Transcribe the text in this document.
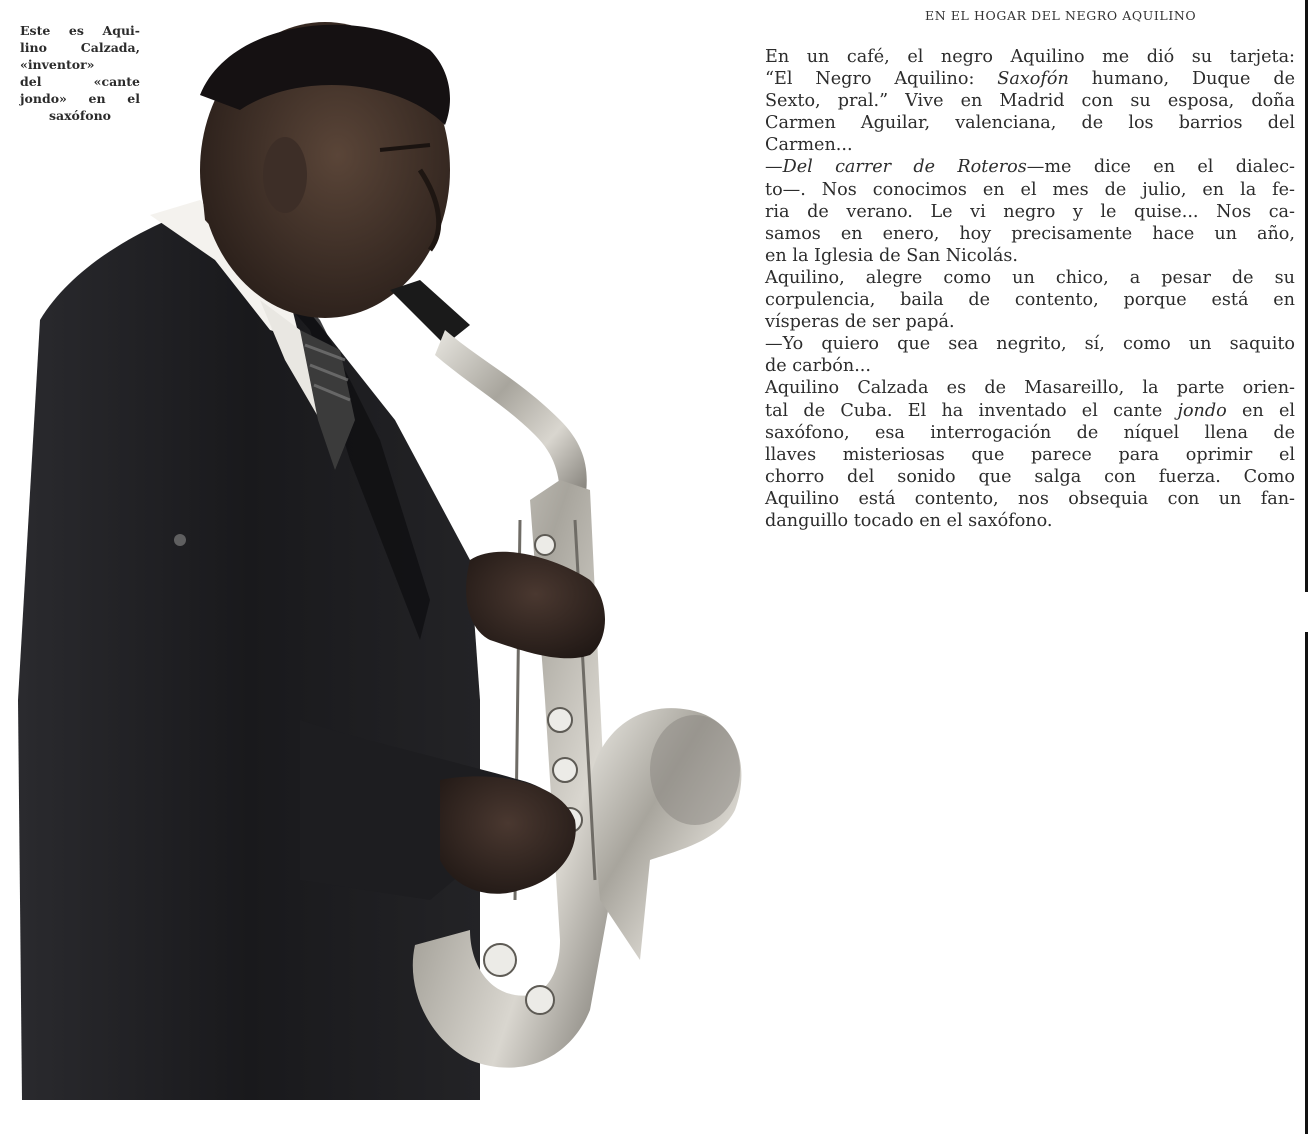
Este es Aqui-
lino Calzada,
«inventor»
del «cante
jondo» en el
saxófono
EN EL HOGAR DEL NEGRO AQUILINO

En un café, el negro Aquilino me dió su tarjeta:
“El Negro Aquilino: Saxofón humano, Duque de
Sexto, pral.” Vive en Madrid con su esposa, doña
Carmen Aguilar, valenciana, de los barrios del
Carmen...

—Del carrer de Roteros—me dice en el dialec-
to—. Nos conocimos en el mes de julio, en la fe-
ria de verano. Le vi negro y le quise... Nos ca-
samos en enero, hoy precisamente hace un año,
en la Iglesia de San Nicolás.

Aquilino, alegre como un chico, a pesar de su
corpulencia, baila de contento, porque está en
vísperas de ser papá.

—Yo quiero que sea negrito, sí, como un saquito
de carbón...

Aquilino Calzada es de Masareillo, la parte orien-
tal de Cuba. El ha inventado el cante jondo en el
saxófono, esa interrogación de níquel llena de
llaves misteriosas que parece para oprimir el
chorro del sonido que salga con fuerza. Como
Aquilino está contento, nos obsequia con un fan-
danguillo tocado en el saxófono.
